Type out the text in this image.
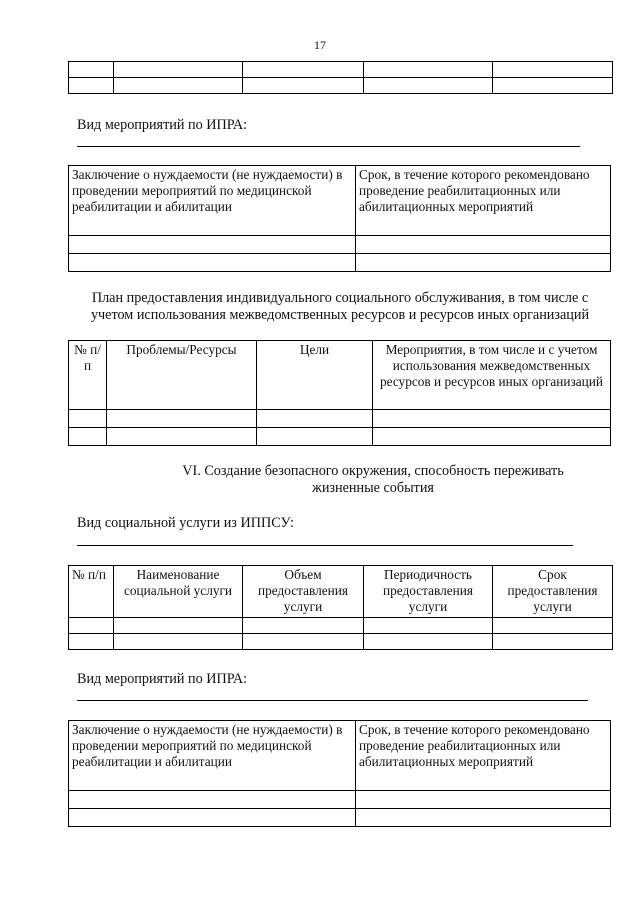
17

Вид мероприятий по ИПРА:
Заключение о нуждаемости (не нуждаемости) в проведении мероприятий по медицинской реабилитации и абилитации	Срок, в течение которого рекомендовано проведение реабилитационных или абилитационных мероприятий

План предоставления индивидуального социального обслуживания, в том числе с учетом использования межведомственных ресурсов и ресурсов иных организаций
№ п/п	Проблемы/Ресурсы	Цели	Мероприятия, в том числе и с учетом использования межведомственных ресурсов и ресурсов иных организаций

VI. Создание безопасного окружения, способность переживать жизненные события
Вид социальной услуги из ИППСУ:
№ п/п	Наименование социальной услуги	Объем предоставления услуги	Периодичность предоставления услуги	Срок предоставления услуги

Вид мероприятий по ИПРА:
Заключение о нуждаемости (не нуждаемости) в проведении мероприятий по медицинской реабилитации и абилитации	Срок, в течение которого рекомендовано проведение реабилитационных или абилитационных мероприятий
